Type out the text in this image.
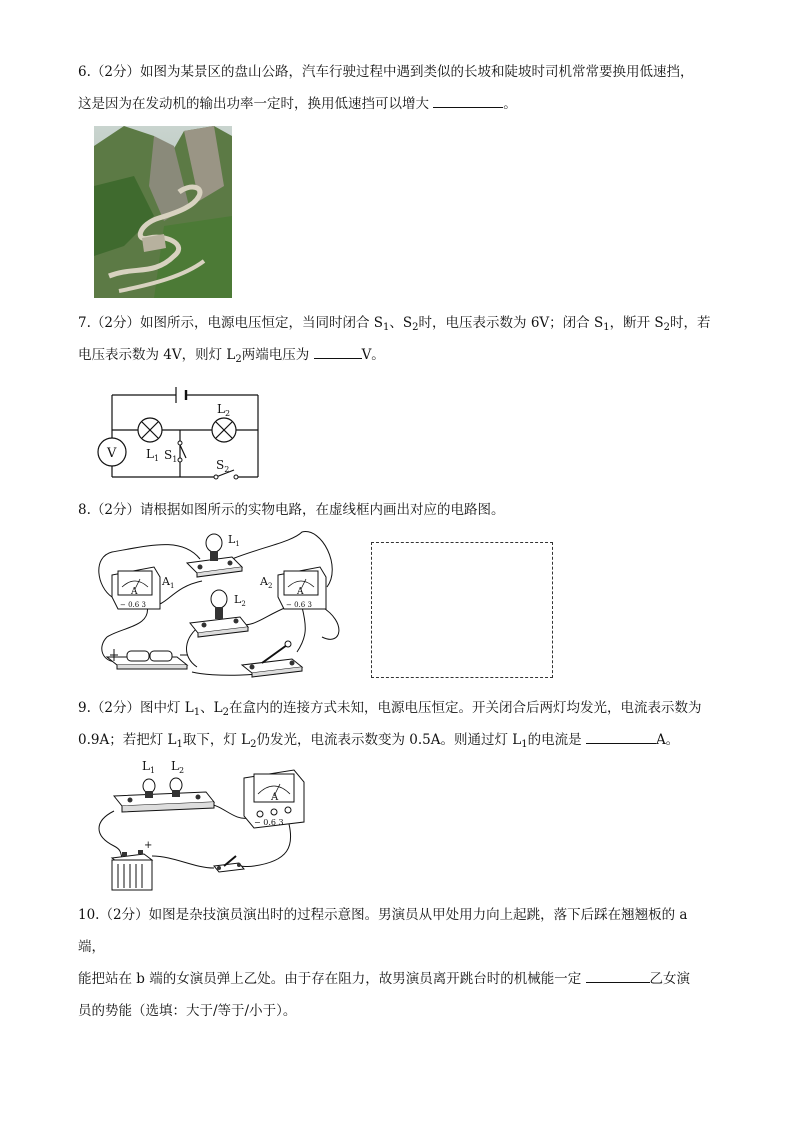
6.（2分）如图为某景区的盘山公路，汽车行驶过程中遇到类似的长坡和陡坡时司机常常要换用低速挡，

这是因为在发动机的输出功率一定时，换用低速挡可以增大	。

7.（2分）如图所示，电源电压恒定，当同时闭合 $S_1$、$S_2$时，电压表示数为 6V；闭合 $S_1$，断开 $S_2$时，若

电压表示数为 4V，则灯 $L_2$两端电压为	V。

V $L_1$
$L_2$
$S_1$	$S_2$

8.（2分）请根据如图所示的实物电路，在虚线框内画出对应的电路图。

A
− 0.6 3
$A_1$
$L_1$
$L_2$
A
− 0.6 3
$A_2$

9.（2分）图中灯 $L_1$、$L_2$在盒内的连接方式未知，电源电压恒定。开关闭合后两灯均发光，电流表示数为

0.9A；若把灯 $L_1$取下，灯 $L_2$仍发光，电流表示数变为 0.5A。则通过灯 $L_1$的电流是	A。

$L_1$ $L_2$
A
− 0.6 3
+

10.（2分）如图是杂技演员演出时的过程示意图。男演员从甲处用力向上起跳，落下后踩在翘翘板的 a 端，

能把站在 b 端的女演员弹上乙处。由于存在阻力，故男演员离开跳台时的机械能一定	乙女演

员的势能（选填：大于/等于/小于）。
